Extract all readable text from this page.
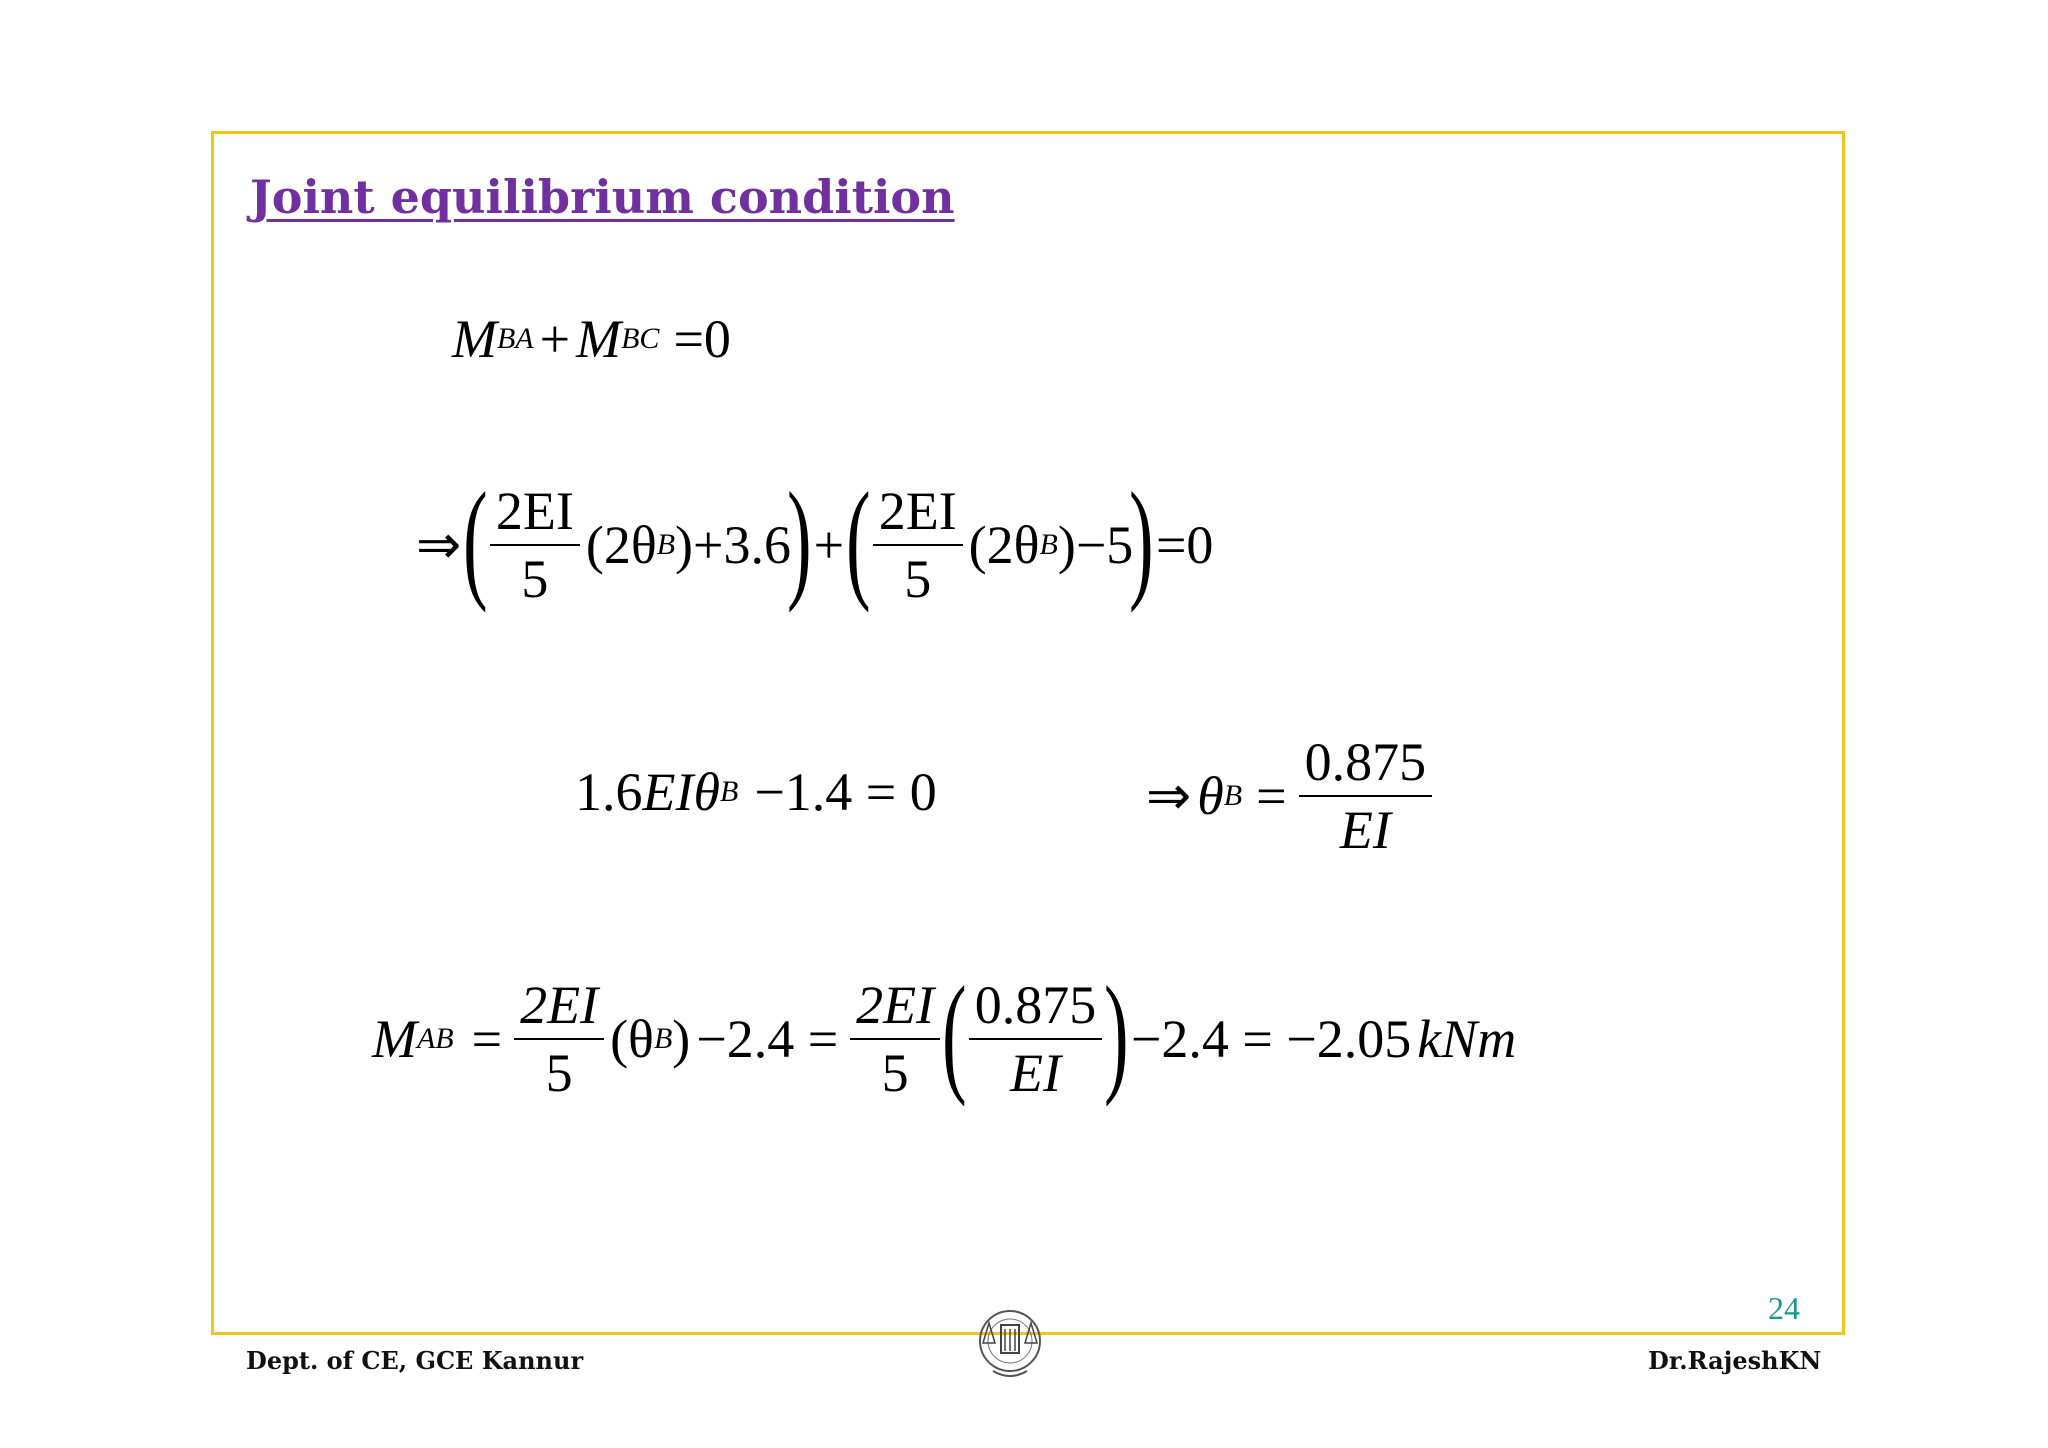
Joint equilibrium condition
M BA + M BC =0
⇒ ( $\frac{2EI}{5} (2\theta$ B ) +3.6
) + ( $\frac{2EI}{5} (2\theta$ B ) −5
) =0
1.6 EIθ B −1.4 = 0	⇒ θ $B = \frac{0.875}{EI}$
M AB = $\frac{2EI}{5} (\theta$ B ) $-2.4 = \frac{2EI}{5}$ ( $\frac{0.875}{EI}$ ) −2.4 = −2.05 kNm
24
Dept. of CE, GCE Kannur	Dr.RajeshKN
